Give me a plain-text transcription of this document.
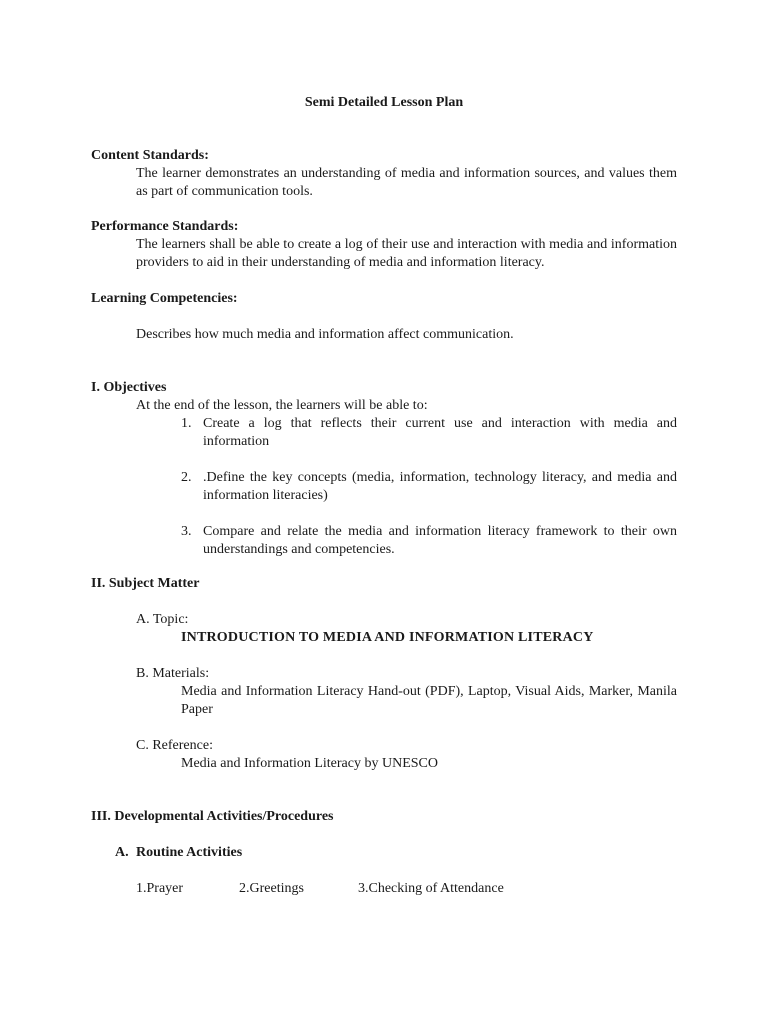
Semi Detailed Lesson Plan
Content Standards:
The learner demonstrates an understanding of media and information sources, and values them as part of communication tools.
Performance Standards:
The learners shall be able to create a log of their use and interaction with media and information providers to aid in their understanding of media and information literacy.
Learning Competencies:
Describes how much media and information affect communication.
I. Objectives
At the end of the lesson, the learners will be able to:
1. Create a log that reflects their current use and interaction with media and information
2. .Define the key concepts (media, information, technology literacy, and media and information literacies)
3. Compare and relate the media and information literacy framework to their own understandings and competencies.
II. Subject Matter
A. Topic:
INTRODUCTION TO MEDIA AND INFORMATION LITERACY
B. Materials:
Media and Information Literacy Hand-out (PDF), Laptop, Visual Aids, Marker, Manila Paper
C. Reference:
Media and Information Literacy by UNESCO
III. Developmental Activities/Procedures
A. Routine Activities
1.Prayer	2.Greetings	3.Checking of Attendance
